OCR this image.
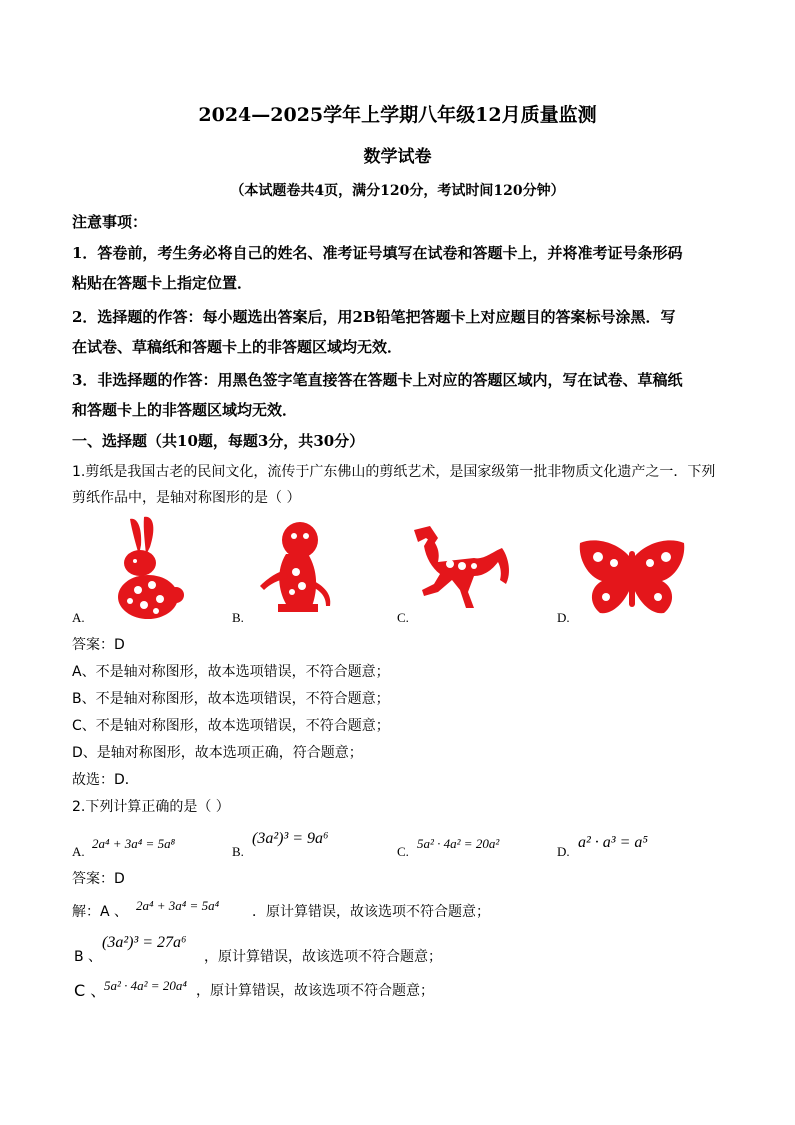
2024—2025学年上学期八年级12月质量监测
数学试卷
（本试题卷共4页，满分120分，考试时间120分钟）
注意事项：
1．答卷前，考生务必将自己的姓名、准考证号填写在试卷和答题卡上，并将准考证号条形码
粘贴在答题卡上指定位置．
2．选择题的作答：每小题选出答案后，用2B铅笔把答题卡上对应题目的答案标号涂黑．写
在试卷、草稿纸和答题卡上的非答题区域均无效．
3．非选择题的作答：用黑色签字笔直接答在答题卡上对应的答题区域内，写在试卷、草稿纸
和答题卡上的非答题区域均无效．
一、选择题（共10题，每题3分，共30分）
1.剪纸是我国古老的民间文化，流传于广东佛山的剪纸艺术，是国家级第一批非物质文化遗产之一．下列
剪纸作品中，是轴对称图形的是（ ）
A.	B.	C.	D.
答案：D
A、不是轴对称图形，故本选项错误，不符合题意；
B、不是轴对称图形，故本选项错误，不符合题意；
C、不是轴对称图形，故本选项错误，不符合题意；
D、是轴对称图形，故本选项正确，符合题意；
故选：D．
2.下列计算正确的是（ ）
A.
2a⁴ + 3a⁴ = 5a⁸
B.
(3a²)³ = 9a⁶
C.
5a² · 4a² = 20a²
D.
a² · a³ = a⁵
答案：D
解：A 、 2a⁴ + 3a⁴ = 5a⁴ ．原计算错误，故该选项不符合题意；
B 、
(3a²)³ = 27a⁶
，原计算错误，故该选项不符合题意；
C 、
5a² · 4a² = 20a⁴ ，原计算错误，故该选项不符合题意；
